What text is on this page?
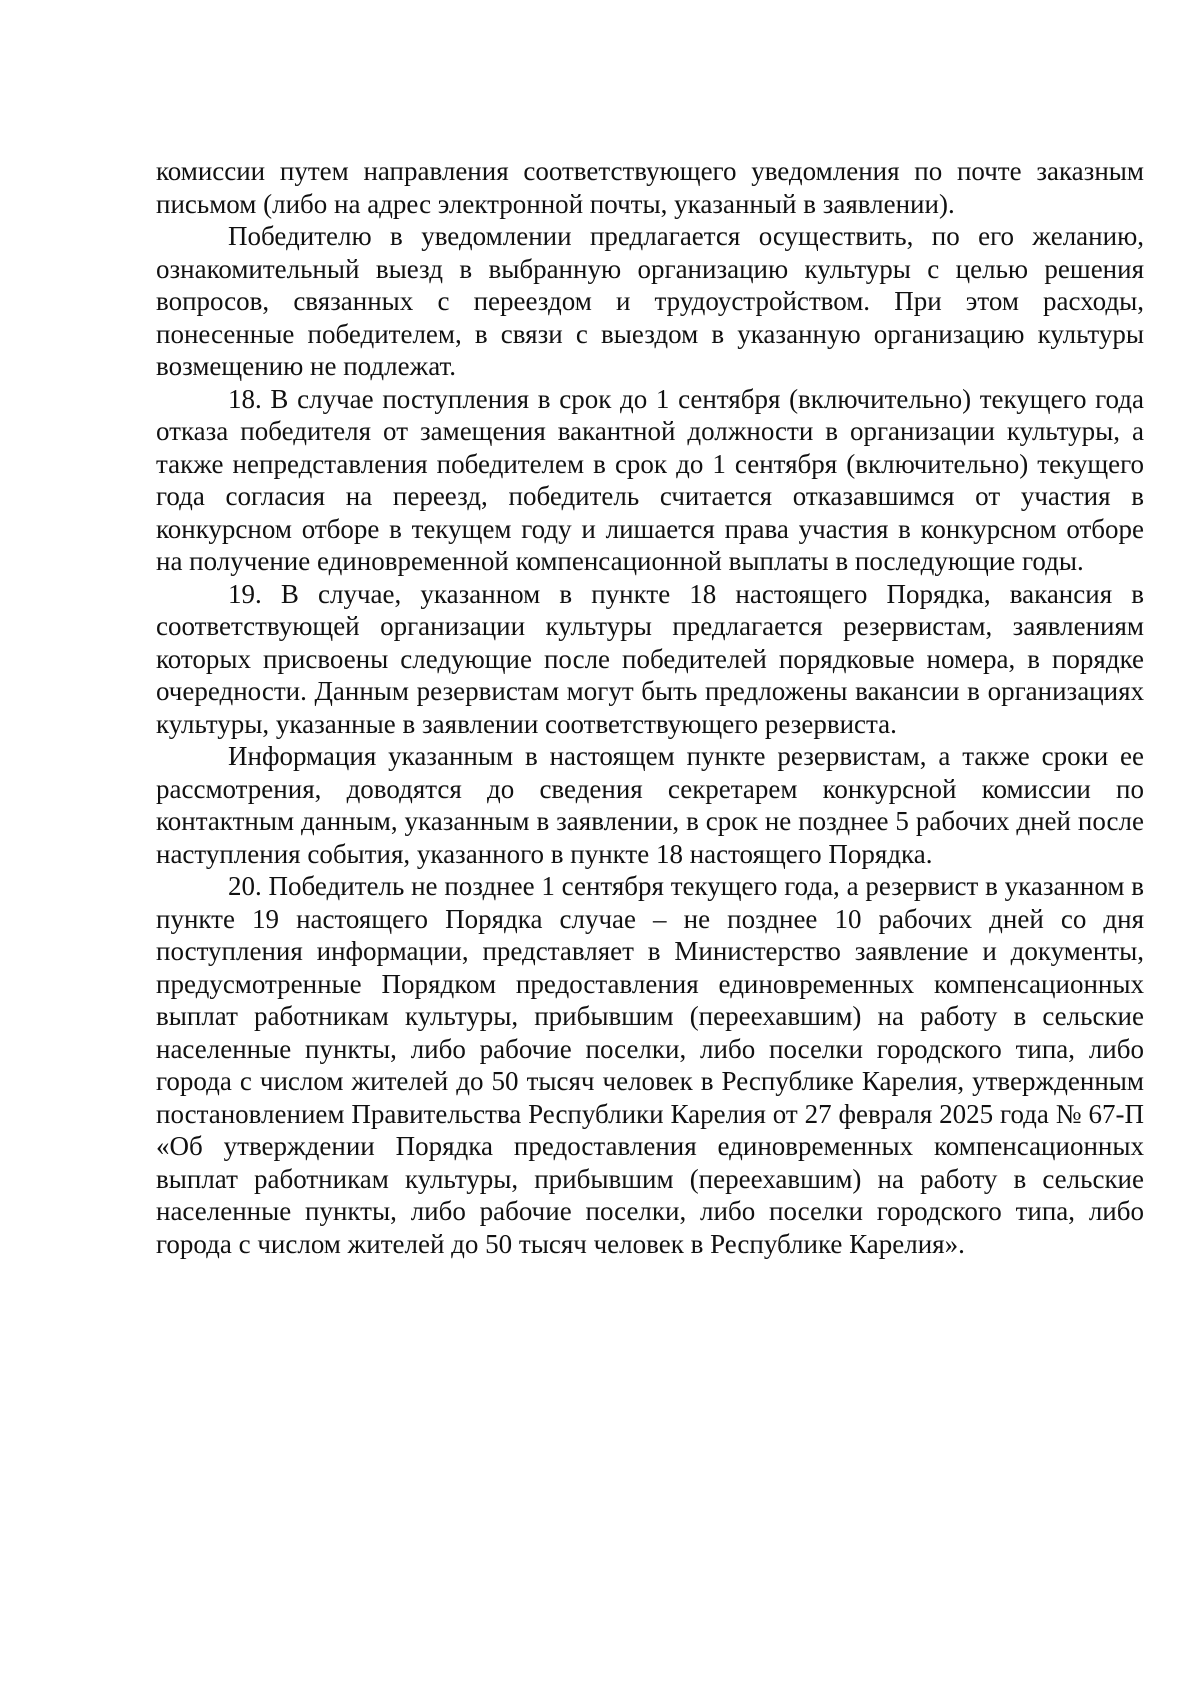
комиссии путем направления соответствующего уведомления по почте заказным письмом (либо на адрес электронной почты, указанный в заявлении).

Победителю в уведомлении предлагается осуществить, по его желанию, ознакомительный выезд в выбранную организацию культуры с целью решения вопросов, связанных с переездом и трудоустройством. При этом расходы, понесенные победителем, в связи с выездом в указанную организацию культуры возмещению не подлежат.

18. В случае поступления в срок до 1 сентября (включительно) текущего года отказа победителя от замещения вакантной должности в организации культуры, а также непредставления победителем в срок до 1 сентября (включительно) текущего года согласия на переезд, победитель считается отказавшимся от участия в конкурсном отборе в текущем году и лишается права участия в конкурсном отборе на получение единовременной компенсационной выплаты в последующие годы.

19. В случае, указанном в пункте 18 настоящего Порядка, вакансия в соответствующей организации культуры предлагается резервистам, заявлениям которых присвоены следующие после победителей порядковые номера, в порядке очередности. Данным резервистам могут быть предложены вакансии в организациях культуры, указанные в заявлении соответствующего резервиста.

Информация указанным в настоящем пункте резервистам, а также сроки ее рассмотрения, доводятся до сведения секретарем конкурсной комиссии по контактным данным, указанным в заявлении, в срок не позднее 5 рабочих дней после наступления события, указанного в пункте 18 настоящего Порядка.

20. Победитель не позднее 1 сентября текущего года, а резервист в указанном в пункте 19 настоящего Порядка случае – не позднее 10 рабочих дней со дня поступления информации, представляет в Министерство заявление и документы, предусмотренные Порядком предоставления единовременных компенсационных выплат работникам культуры, прибывшим (переехавшим) на работу в сельские населенные пункты, либо рабочие поселки, либо поселки городского типа, либо города с числом жителей до 50 тысяч человек в Республике Карелия, утвержденным постановлением Правительства Республики Карелия от 27 февраля 2025 года № 67-П «Об утверждении Порядка предоставления единовременных компенсационных выплат работникам культуры, прибывшим (переехавшим) на работу в сельские населенные пункты, либо рабочие поселки, либо поселки городского типа, либо города с числом жителей до 50 тысяч человек в Республике Карелия».
